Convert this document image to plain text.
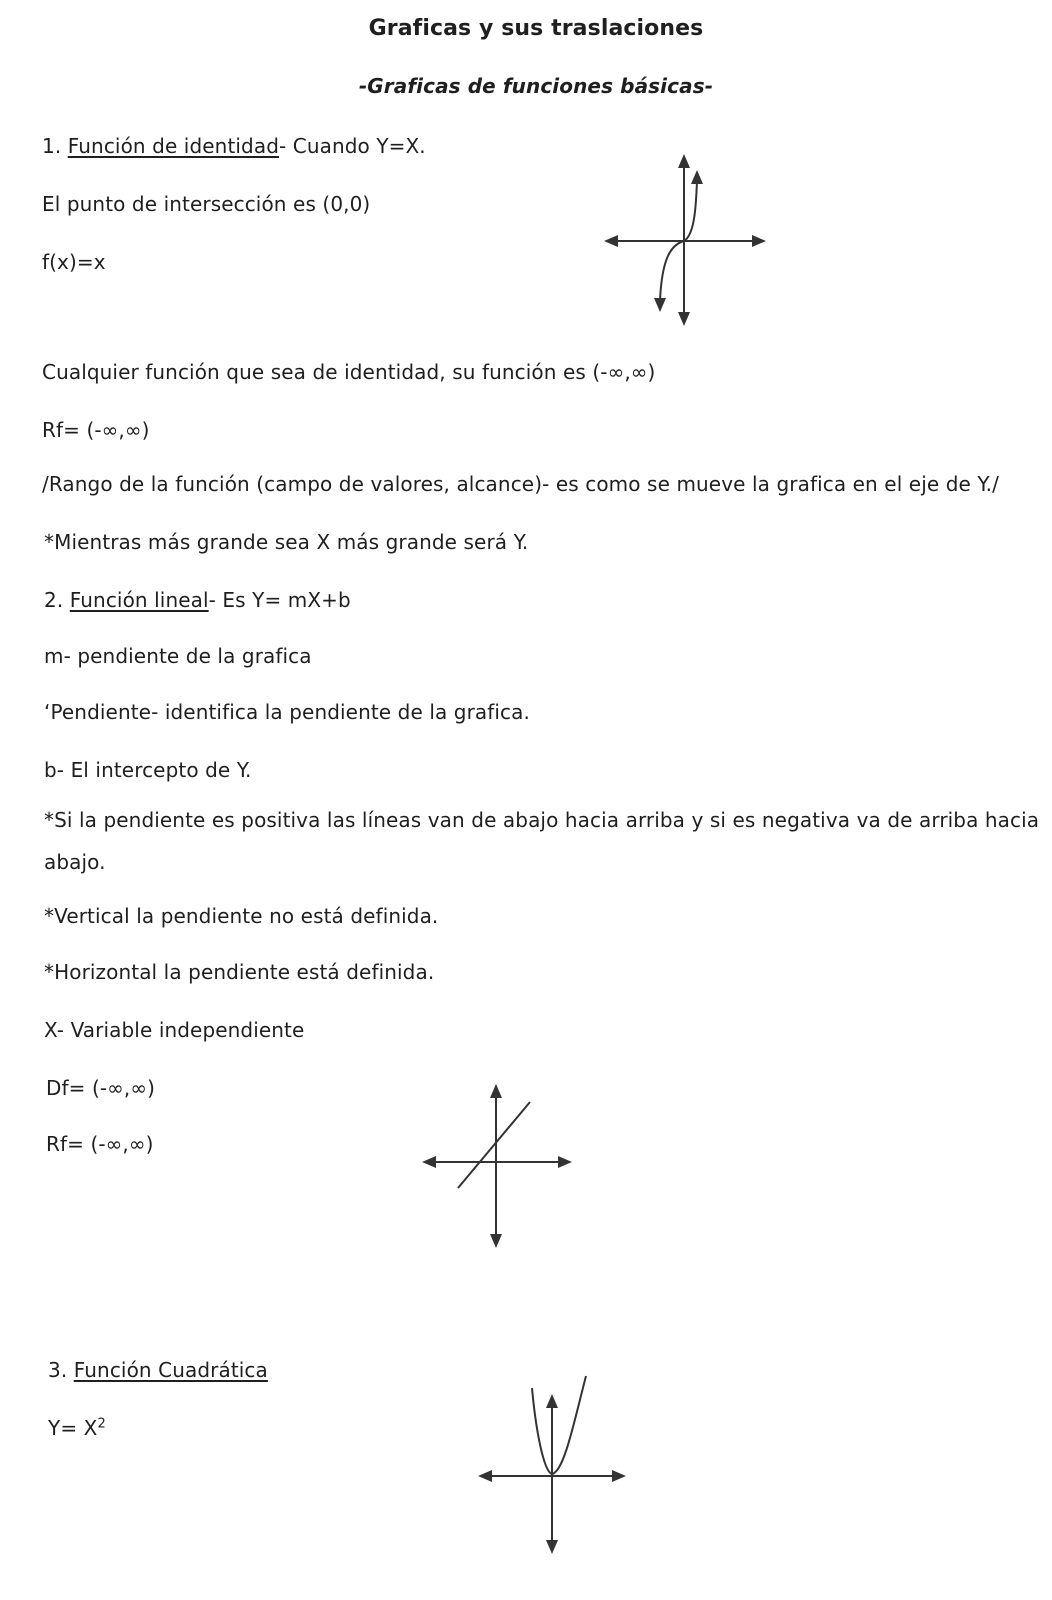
Graficas y sus traslaciones
-Graficas de funciones básicas-
1. Función de identidad- Cuando Y=X.
El punto de intersección es (0,0)
f(x)=x
Cualquier función que sea de identidad, su función es (-∞,∞)
Rf= (-∞,∞)
/Rango de la función (campo de valores, alcance)- es como se mueve la grafica en el eje de Y./
*Mientras más grande sea X más grande será Y.
2. Función lineal- Es Y= mX+b
m- pendiente de la grafica
‘Pendiente- identifica la pendiente de la grafica.
b- El intercepto de Y.
*Si la pendiente es positiva las líneas van de abajo hacia arriba y si es negativa va de arriba hacia
abajo.
*Vertical la pendiente no está definida.
*Horizontal la pendiente está definida.
X- Variable independiente
Df= (-∞,∞)
Rf= (-∞,∞)
3. Función Cuadrática
$Y= X^2$
